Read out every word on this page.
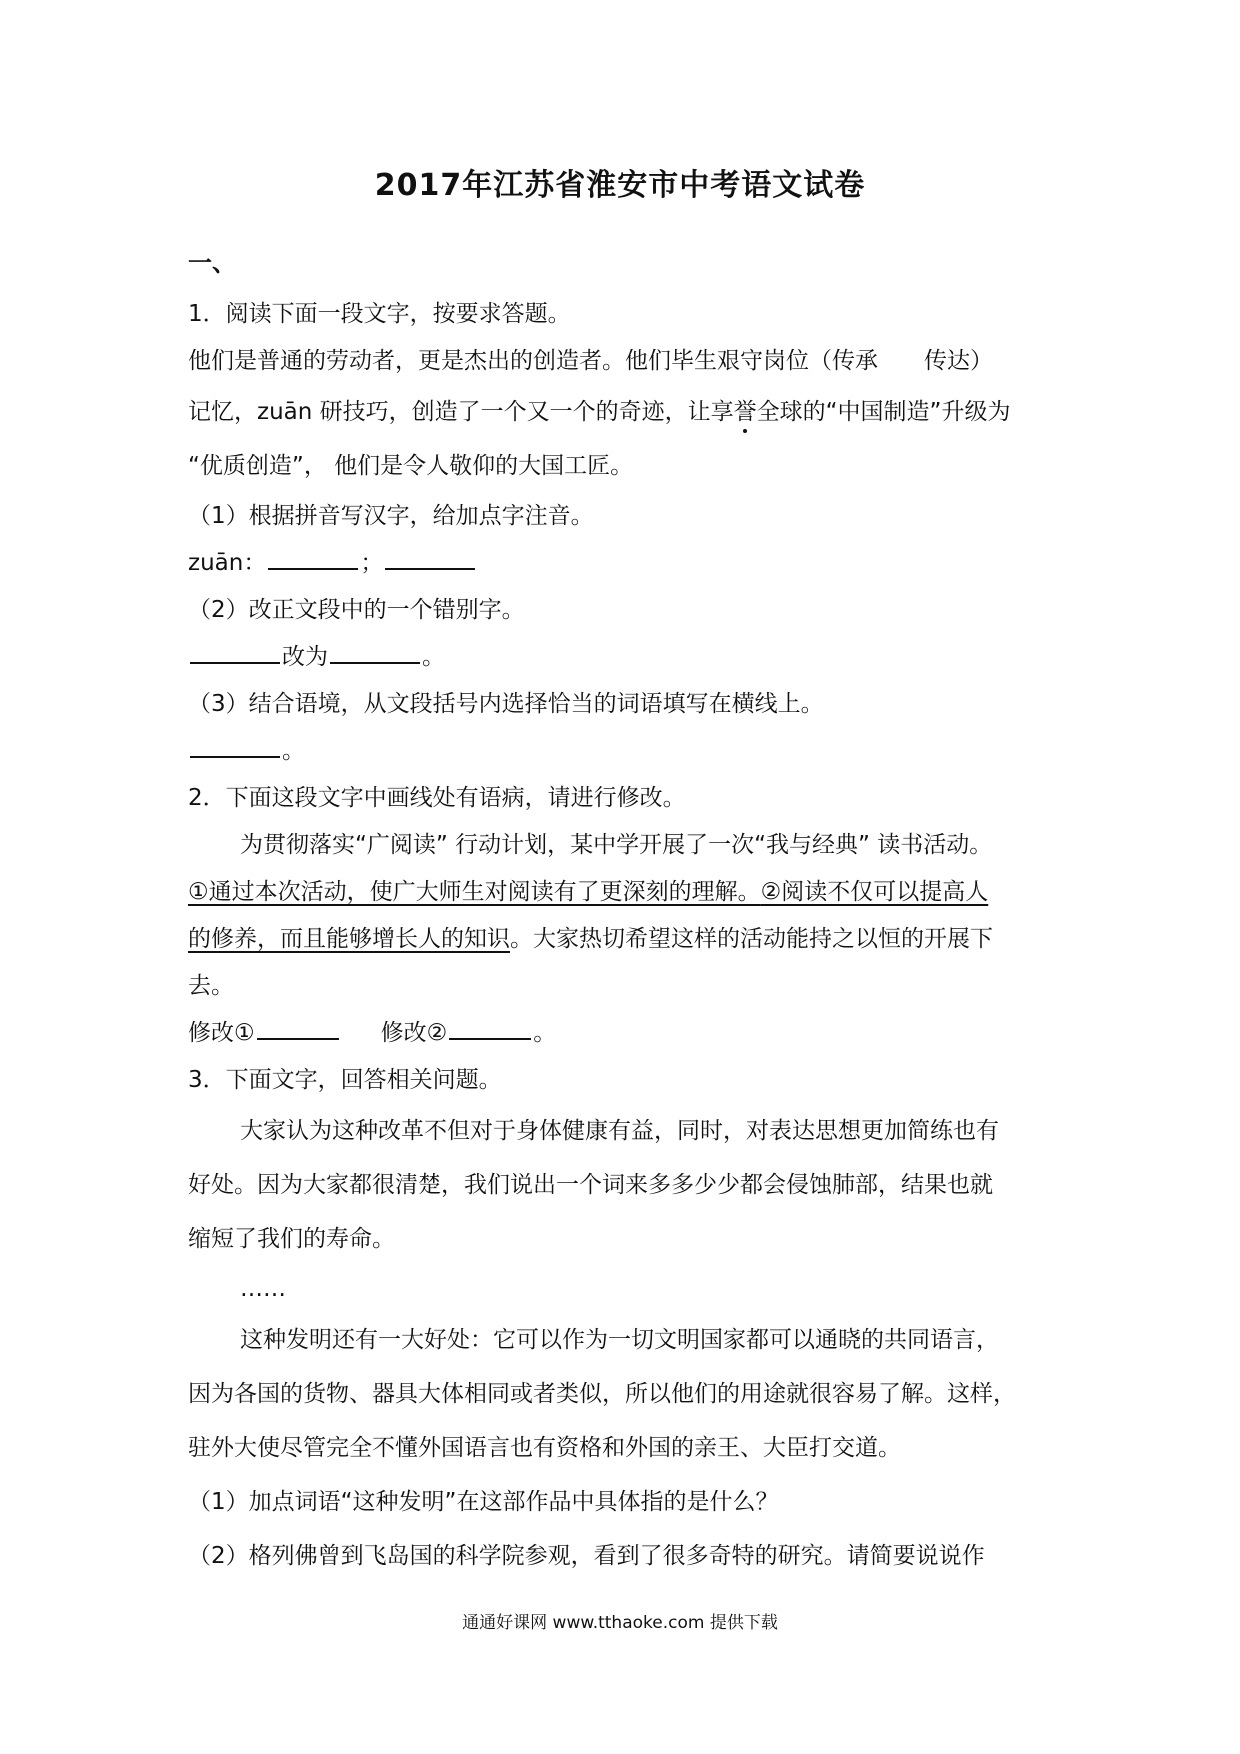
2017年江苏省淮安市中考语文试卷
一、
1．阅读下面一段文字，按要求答题。
他们是普通的劳动者，更是杰出的创造者。他们毕生艰守岗位（传承　　传达）
记忆，zuān 研技巧，创造了一个又一个的奇迹，让享誉全球的“中国制造”升级为
“优质创造”， 他们是令人敬仰的大国工匠。
（1）根据拼音写汉字，给加点字注音。
zuān：	；
（2）改正文段中的一个错别字。
改为	。
（3）结合语境，从文段括号内选择恰当的词语填写在横线上。
。
2．下面这段文字中画线处有语病，请进行修改。
为贯彻落实“广阅读” 行动计划，某中学开展了一次“我与经典” 读书活动。
①通过本次活动，使广大师生对阅读有了更深刻的理解。②阅读不仅可以提高人
的修养，而且能够增长人的知识。大家热切希望这样的活动能持之以恒的开展下
去。
修改①	修改②	。
3．下面文字，回答相关问题。
大家认为这种改革不但对于身体健康有益，同时，对表达思想更加简练也有
好处。因为大家都很清楚，我们说出一个词来多多少少都会侵蚀肺部，结果也就
缩短了我们的寿命。
……
这种发明还有一大好处：它可以作为一切文明国家都可以通晓的共同语言，
因为各国的货物、器具大体相同或者类似，所以他们的用途就很容易了解。这样，
驻外大使尽管完全不懂外国语言也有资格和外国的亲王、大臣打交道。
（1）加点词语“这种发明”在这部作品中具体指的是什么？
（2）格列佛曾到飞岛国的科学院参观，看到了很多奇特的研究。请简要说说作
通通好课网 www.tthaoke.com 提供下载
